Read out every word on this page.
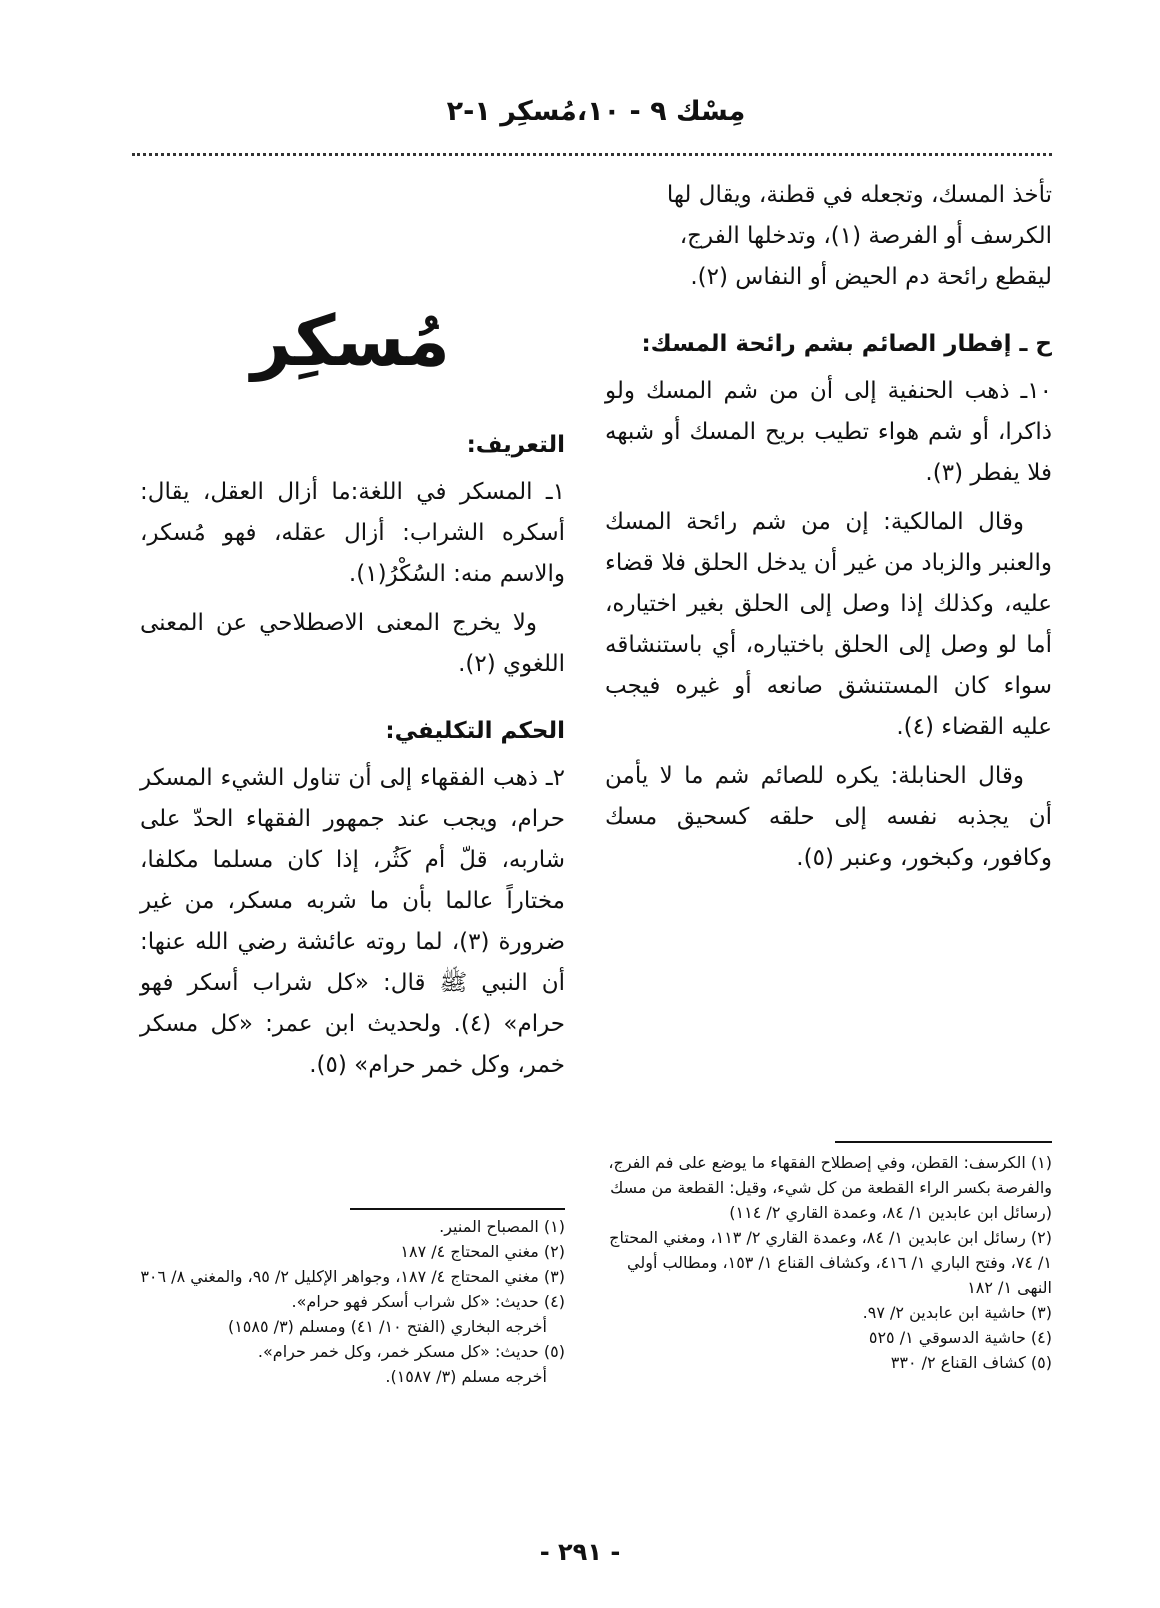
مِسْك ٩ - ١٠،مُسكِر ١-٢

تأخذ المسك، وتجعله في قطنة، ويقال لها

الكرسف أو الفرصة (١)، وتدخلها الفرج،

ليقطع رائحة دم الحيض أو النفاس (٢).

ح ـ إفطار الصائم بشم رائحة المسك:

١٠ـ ذهب الحنفية إلى أن من شم المسك ولو ذاكرا، أو شم هواء تطيب بريح المسك أو شبهه فلا يفطر (٣).

وقال المالكية: إن من شم رائحة المسك والعنبر والزباد من غير أن يدخل الحلق فلا قضاء عليه، وكذلك إذا وصل إلى الحلق بغير اختياره، أما لو وصل إلى الحلق باختياره، أي باستنشاقه سواء كان المستنشق صانعه أو غيره فيجب عليه القضاء (٤).

وقال الحنابلة: يكره للصائم شم ما لا يأمن أن يجذبه نفسه إلى حلقه كسحيق مسك وكافور، وكبخور، وعنبر (٥).

مُسكِر
التعريف:

١ـ المسكر في اللغة:ما أزال العقل، يقال: أسكره الشراب: أزال عقله، فهو مُسكر، والاسم منه: السُكْرُ(١).

ولا يخرج المعنى الاصطلاحي عن المعنى اللغوي (٢).

الحكم التكليفي:

٢ـ ذهب الفقهاء إلى أن تناول الشيء المسكر حرام، ويجب عند جمهور الفقهاء الحدّ على شاربه، قلّ أم كَثُر، إذا كان مسلما مكلفا، مختاراً عالما بأن ما شربه مسكر، من غير ضرورة (٣)، لما روته عائشة رضي الله عنها: أن النبي ﷺ قال: «كل شراب أسكر فهو حرام» (٤). ولحديث ابن عمر: «كل مسكر خمر، وكل خمر حرام» (٥).

(١) الكرسف: القطن، وفي إصطلاح الفقهاء ما يوضع على فم الفرج، والفرصة بكسر الراء القطعة من كل شيء، وقيل: القطعة من مسك (رسائل ابن عابدين ١/ ٨٤، وعمدة القاري ٢/ ١١٤)
(٢) رسائل ابن عابدين ١/ ٨٤، وعمدة القاري ٢/ ١١٣، ومغني المحتاج ١/ ٧٤، وفتح الباري ١/ ٤١٦، وكشاف القناع ١/ ١٥٣، ومطالب أولي النهى ١/ ١٨٢
(٣) حاشية ابن عابدين ٢/ ٩٧.
(٤) حاشية الدسوقي ١/ ٥٢٥
(٥) كشاف القناع ٢/ ٣٣٠
(١) المصباح المنير.
(٢) مغني المحتاج ٤/ ١٨٧
(٣) مغني المحتاج ٤/ ١٨٧، وجواهر الإكليل ٢/ ٩٥، والمغني ٨/ ٣٠٦
(٤) حديث: «كل شراب أسكر فهو حرام».
أخرجه البخاري (الفتح ١٠/ ٤١) ومسلم (٣/ ١٥٨٥)
(٥) حديث: «كل مسكر خمر، وكل خمر حرام».
أخرجه مسلم (٣/ ١٥٨٧).
- ٢٩١ -
